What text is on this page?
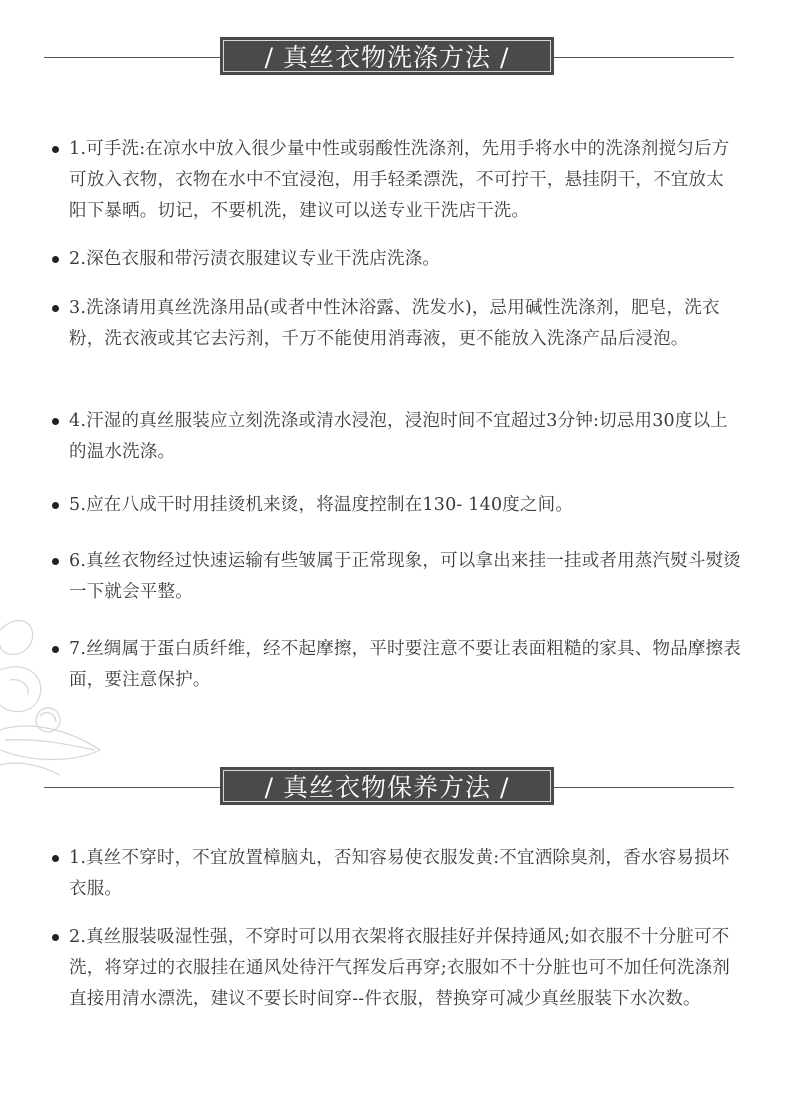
/ 真丝衣物洗涤方法 /
1.可手洗:在凉水中放入很少量中性或弱酸性洗涤剂，先用手将水中的洗涤剂搅匀后方可放入衣物，衣物在水中不宜浸泡，用手轻柔漂洗，不可拧干，悬挂阴干，不宜放太阳下暴晒。切记，不要机洗，建议可以送专业干洗店干洗。
2.深色衣服和带污渍衣服建议专业干洗店洗涤。
3.洗涤请用真丝洗涤用品(或者中性沐浴露、洗发水)，忌用碱性洗涤剂，肥皂，洗衣粉，洗衣液或其它去污剂，千万不能使用消毒液，更不能放入洗涤产品后浸泡。
4.汗湿的真丝服装应立刻洗涤或清水浸泡，浸泡时间不宜超过3分钟:切忌用30度以上的温水洗涤。
5.应在八成干时用挂烫机来烫，将温度控制在130- 140度之间。
6.真丝衣物经过快速运输有些皱属于正常现象，可以拿出来挂一挂或者用蒸汽熨斗熨烫一下就会平整。
7.丝绸属于蛋白质纤维，经不起摩擦，平时要注意不要让表面粗糙的家具、物品摩擦表面，要注意保护。
/ 真丝衣物保养方法 /
1.真丝不穿时，不宜放置樟脑丸，否知容易使衣服发黄:不宜洒除臭剂，香水容易损坏衣服。
2.真丝服装吸湿性强，不穿时可以用衣架将衣服挂好并保持通风;如衣服不十分脏可不洗，将穿过的衣服挂在通风处待汗气挥发后再穿;衣服如不十分脏也可不加任何洗涤剂直接用清水漂洗，建议不要长时间穿--件衣服，替换穿可减少真丝服装下水次数。
